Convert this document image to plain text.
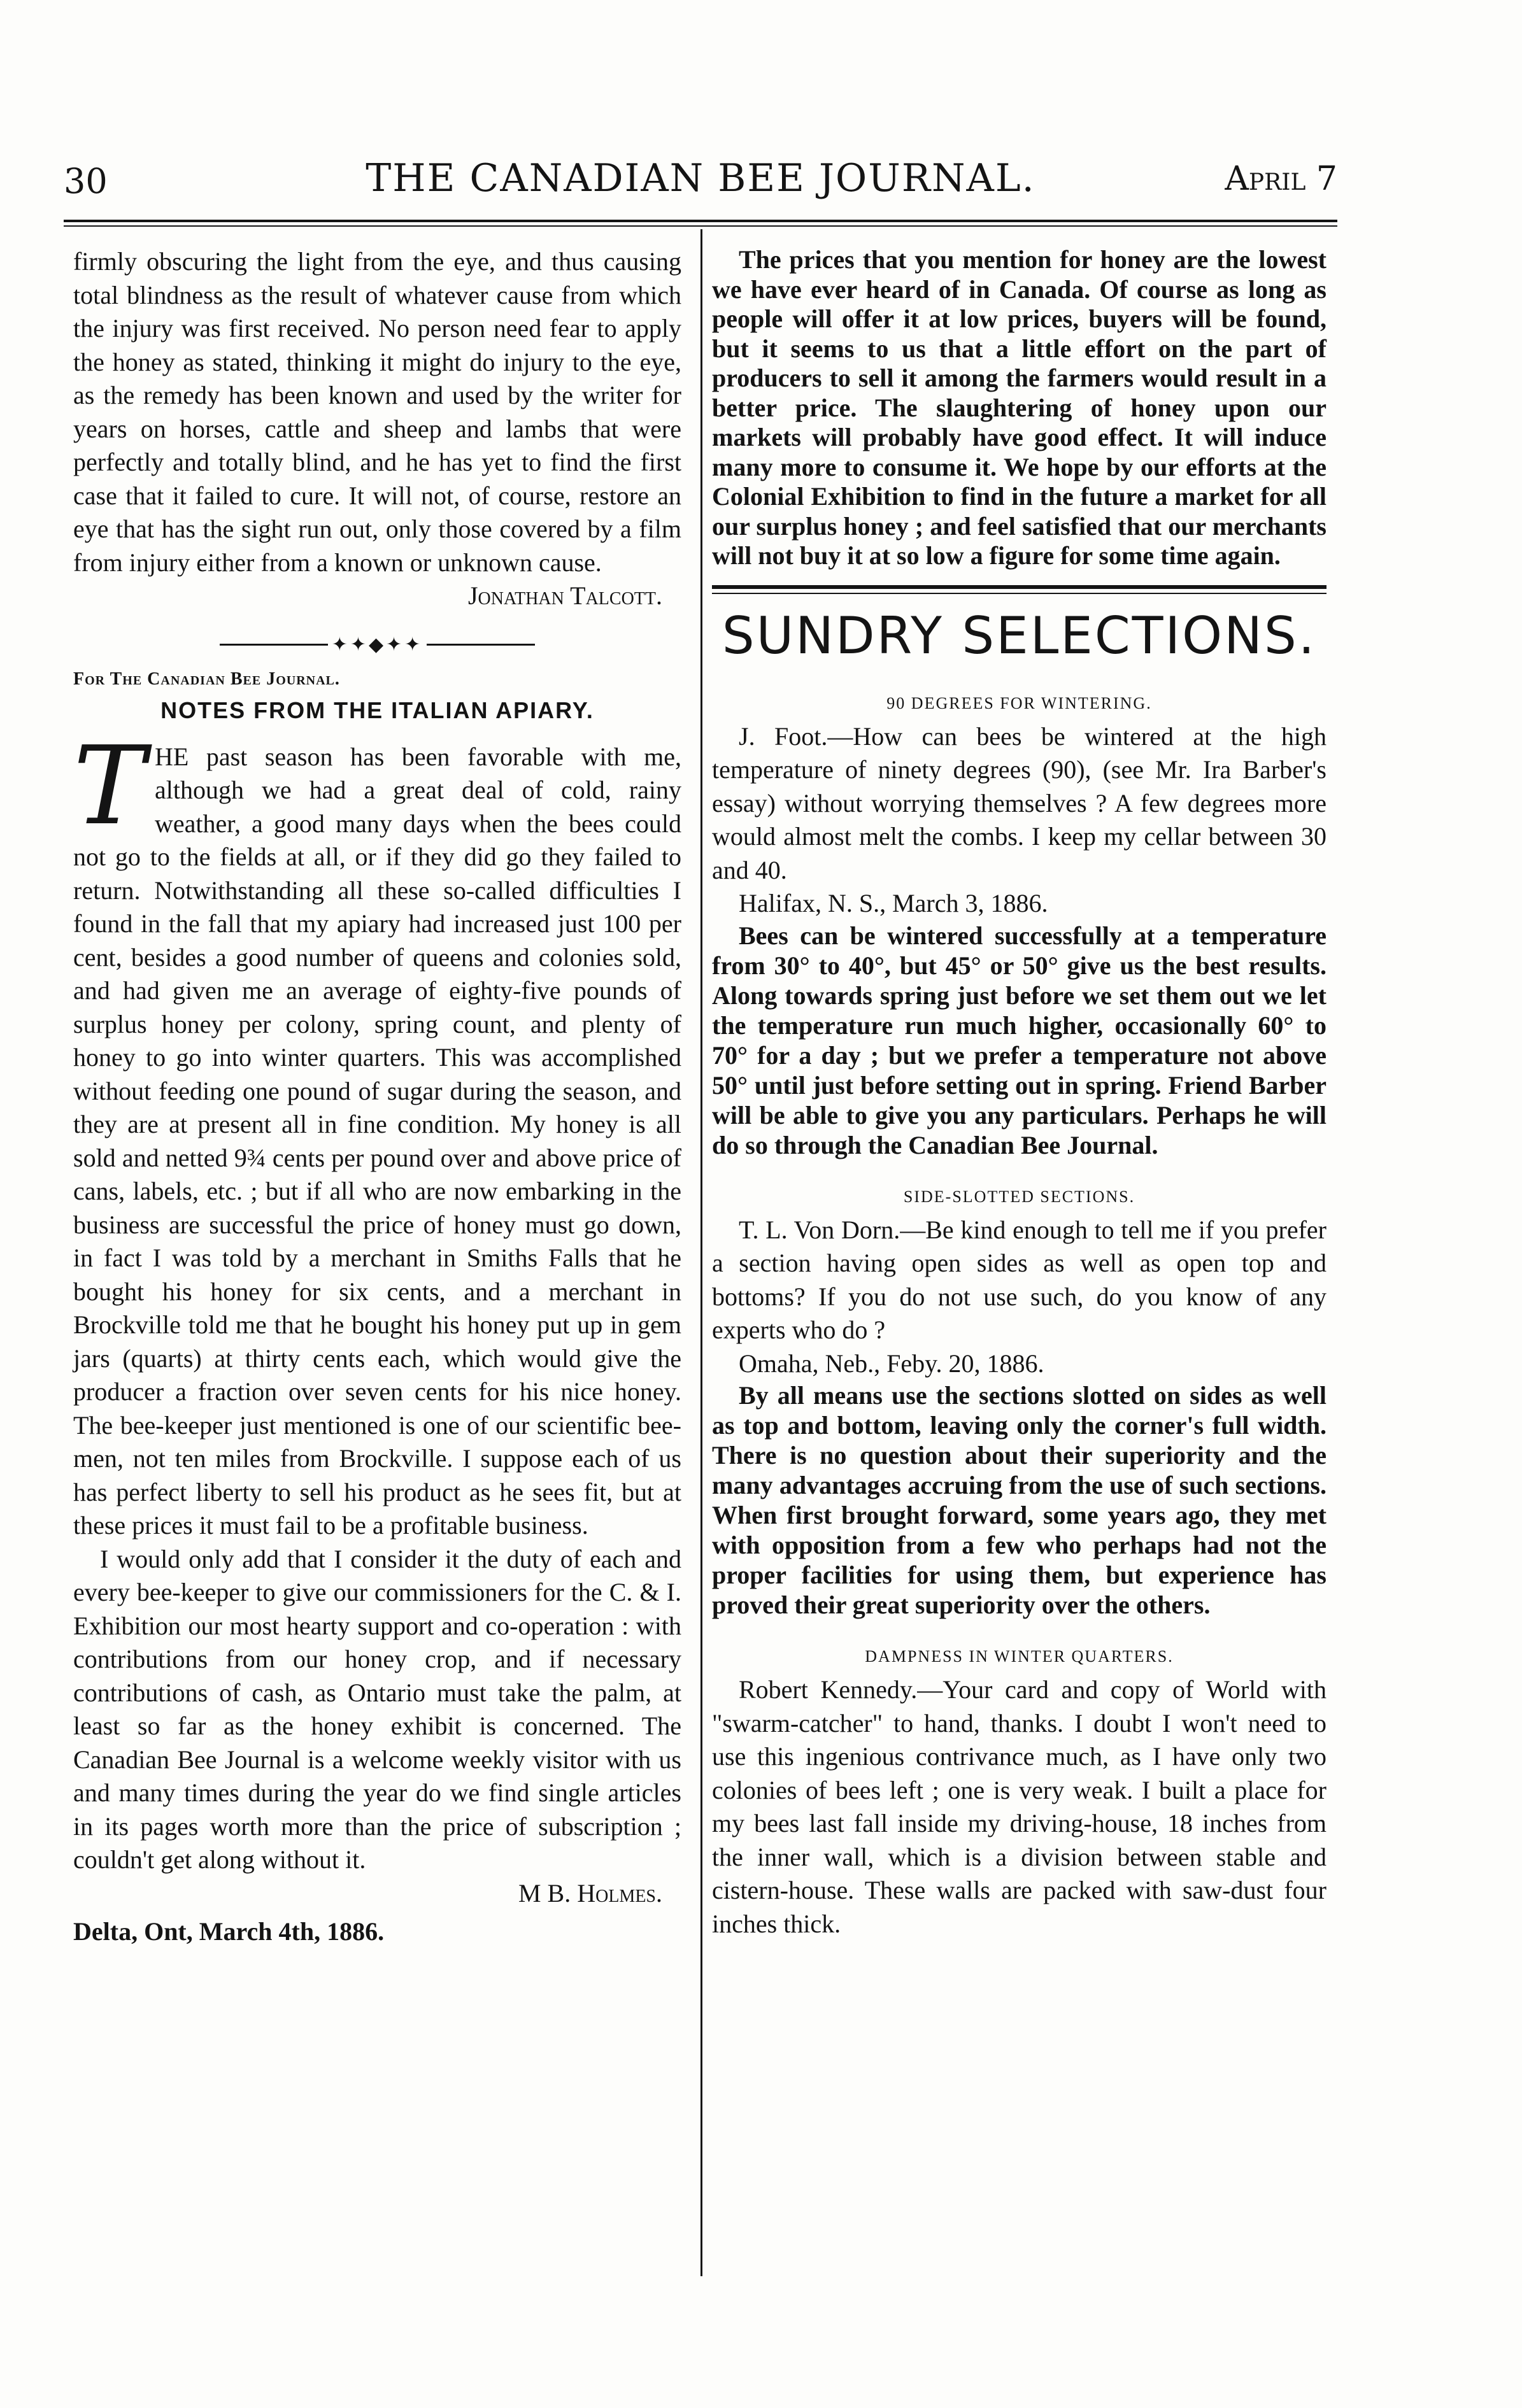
30	THE CANADIAN BEE JOURNAL.	April 7

firmly obscuring the light from the eye, and thus causing total blindness as the result of whatever cause from which the injury was first received. No person need fear to apply the honey as stated, thinking it might do injury to the eye, as the remedy has been known and used by the writer for years on horses, cattle and sheep and lambs that were perfectly and totally blind, and he has yet to find the first case that it failed to cure. It will not, of course, restore an eye that has the sight run out, only those covered by a film from injury either from a known or unknown cause.

Jonathan Talcott.

✦✦◆✦✦

For The Canadian Bee Journal.

NOTES FROM THE ITALIAN APIARY.

THE past season has been favorable with me, although we had a great deal of cold, rainy weather, a good many days when the bees could not go to the fields at all, or if they did go they failed to return. Notwithstanding all these so-called difficulties I found in the fall that my apiary had increased just 100 per cent, besides a good number of queens and colonies sold, and had given me an average of eighty-five pounds of surplus honey per colony, spring count, and plenty of honey to go into winter quarters. This was accomplished without feeding one pound of sugar during the season, and they are at present all in fine condition. My honey is all sold and netted 9¾ cents per pound over and above price of cans, labels, etc. ; but if all who are now embarking in the business are successful the price of honey must go down, in fact I was told by a merchant in Smiths Falls that he bought his honey for six cents, and a merchant in Brockville told me that he bought his honey put up in gem jars (quarts) at thirty cents each, which would give the producer a fraction over seven cents for his nice honey. The bee-keeper just mentioned is one of our scientific bee-men, not ten miles from Brockville. I suppose each of us has perfect liberty to sell his product as he sees fit, but at these prices it must fail to be a profitable business.

I would only add that I consider it the duty of each and every bee-keeper to give our commissioners for the C. & I. Exhibition our most hearty support and co-operation : with contributions from our honey crop, and if necessary contributions of cash, as Ontario must take the palm, at least so far as the honey exhibit is concerned. The Canadian Bee Journal is a welcome weekly visitor with us and many times during the year do we find single articles in its pages worth more than the price of subscription ; couldn't get along without it.

M B. Holmes.

Delta, Ont, March 4th, 1886.

The prices that you mention for honey are the lowest we have ever heard of in Canada. Of course as long as people will offer it at low prices, buyers will be found, but it seems to us that a little effort on the part of producers to sell it among the farmers would result in a better price. The slaughtering of honey upon our markets will probably have good effect. It will induce many more to consume it. We hope by our efforts at the Colonial Exhibition to find in the future a market for all our surplus honey ; and feel satisfied that our merchants will not buy it at so low a figure for some time again.

SUNDRY SELECTIONS.

90 DEGREES FOR WINTERING.

J. Foot.—How can bees be wintered at the high temperature of ninety degrees (90), (see Mr. Ira Barber's essay) without worrying themselves ? A few degrees more would almost melt the combs. I keep my cellar between 30 and 40.

Halifax, N. S., March 3, 1886.

Bees can be wintered successfully at a temperature from 30° to 40°, but 45° or 50° give us the best results. Along towards spring just before we set them out we let the temperature run much higher, occasionally 60° to 70° for a day ; but we prefer a temperature not above 50° until just before setting out in spring. Friend Barber will be able to give you any particulars. Perhaps he will do so through the Canadian Bee Journal.

SIDE-SLOTTED SECTIONS.

T. L. Von Dorn.—Be kind enough to tell me if you prefer a section having open sides as well as open top and bottoms? If you do not use such, do you know of any experts who do ?

Omaha, Neb., Feby. 20, 1886.

By all means use the sections slotted on sides as well as top and bottom, leaving only the corner's full width. There is no question about their superiority and the many advantages accruing from the use of such sections. When first brought forward, some years ago, they met with opposition from a few who perhaps had not the proper facilities for using them, but experience has proved their great superiority over the others.

DAMPNESS IN WINTER QUARTERS.

Robert Kennedy.—Your card and copy of World with "swarm-catcher" to hand, thanks. I doubt I won't need to use this ingenious contrivance much, as I have only two colonies of bees left ; one is very weak. I built a place for my bees last fall inside my driving-house, 18 inches from the inner wall, which is a division between stable and cistern-house. These walls are packed with saw-dust four inches thick.
